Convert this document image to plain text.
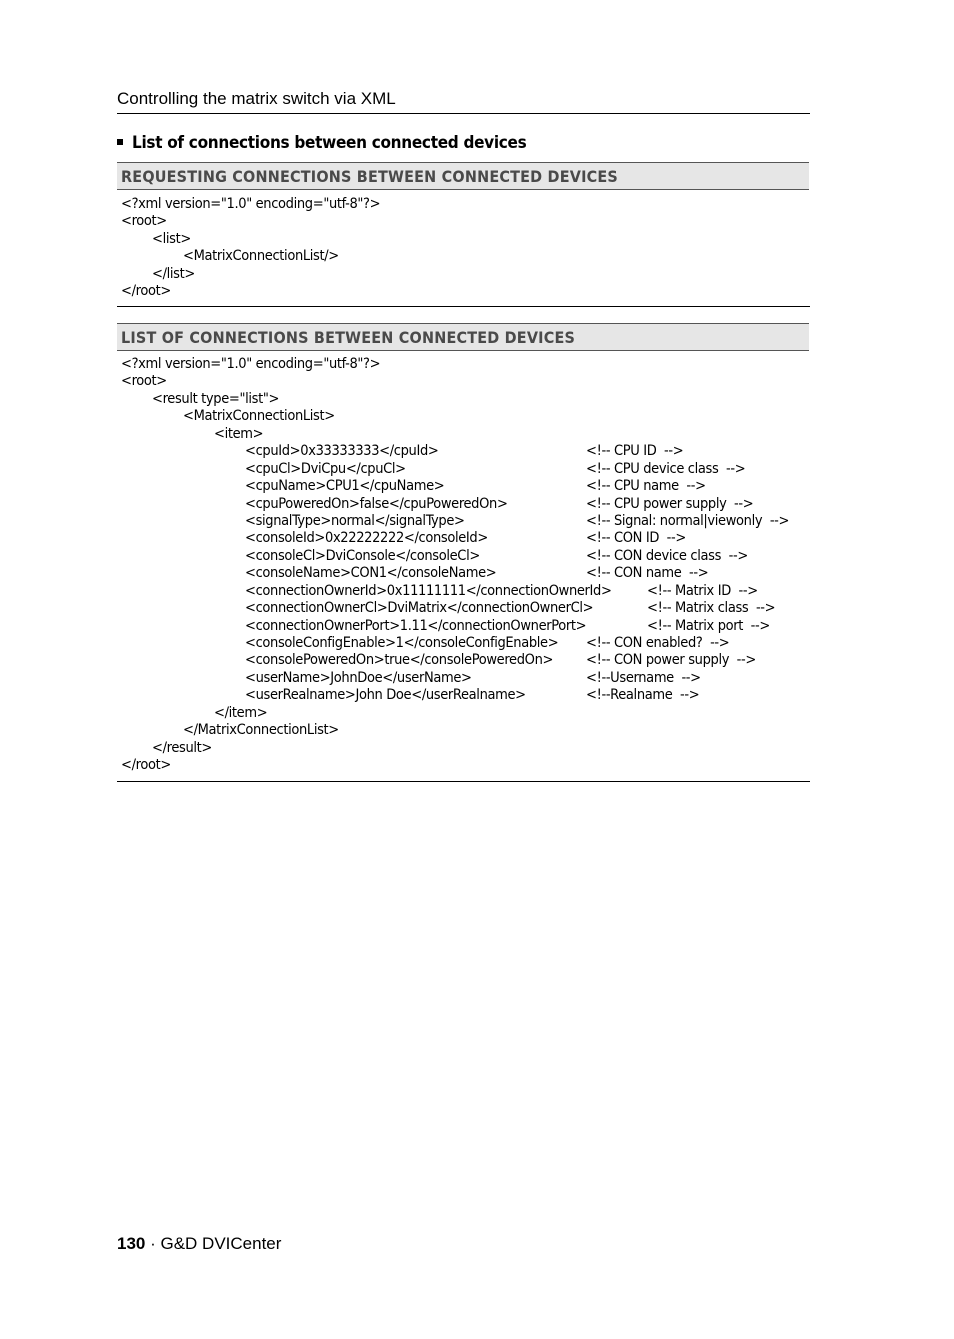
Controlling the matrix switch via XML
List of connections between connected devices
REQUESTING CONNECTIONS BETWEEN CONNECTED DEVICES
<?xml version="1.0" encoding="utf-8"?>
<root>
<list>
<MatrixConnectionList/>
</list>
</root>
LIST OF CONNECTIONS BETWEEN CONNECTED DEVICES
<?xml version="1.0" encoding="utf-8"?>
<root>
<result type="list">
<MatrixConnectionList>
<item>
<cpuId>0x33333333</cpuId>	<!-- CPU ID  -->
<cpuCl>DviCpu</cpuCl>	<!-- CPU device class  -->
<cpuName>CPU1</cpuName>	<!-- CPU name  -->
<cpuPoweredOn>false</cpuPoweredOn>	<!-- CPU power supply  -->
<signalType>normal</signalType>	<!-- Signal: normal|viewonly  -->
<consoleId>0x22222222</consoleId>	<!-- CON ID  -->
<consoleCl>DviConsole</consoleCl>	<!-- CON device class  -->
<consoleName>CON1</consoleName>	<!-- CON name  -->
<connectionOwnerId>0x11111111</connectionOwnerId> <!-- Matrix ID  -->
<connectionOwnerCl>DviMatrix</connectionOwnerCl>	<!-- Matrix class  -->
<connectionOwnerPort>1.11</connectionOwnerPort>	<!-- Matrix port  -->
<consoleConfigEnable>1</consoleConfigEnable> <!-- CON enabled?  -->
<consolePoweredOn>true</consolePoweredOn> <!-- CON power supply  -->
<userName>JohnDoe</userName>	<!--Username  -->
<userRealname>John Doe</userRealname>	<!--Realname  -->
</item>
</MatrixConnectionList>
</result>
</root>
130 · G&D DVICenter
